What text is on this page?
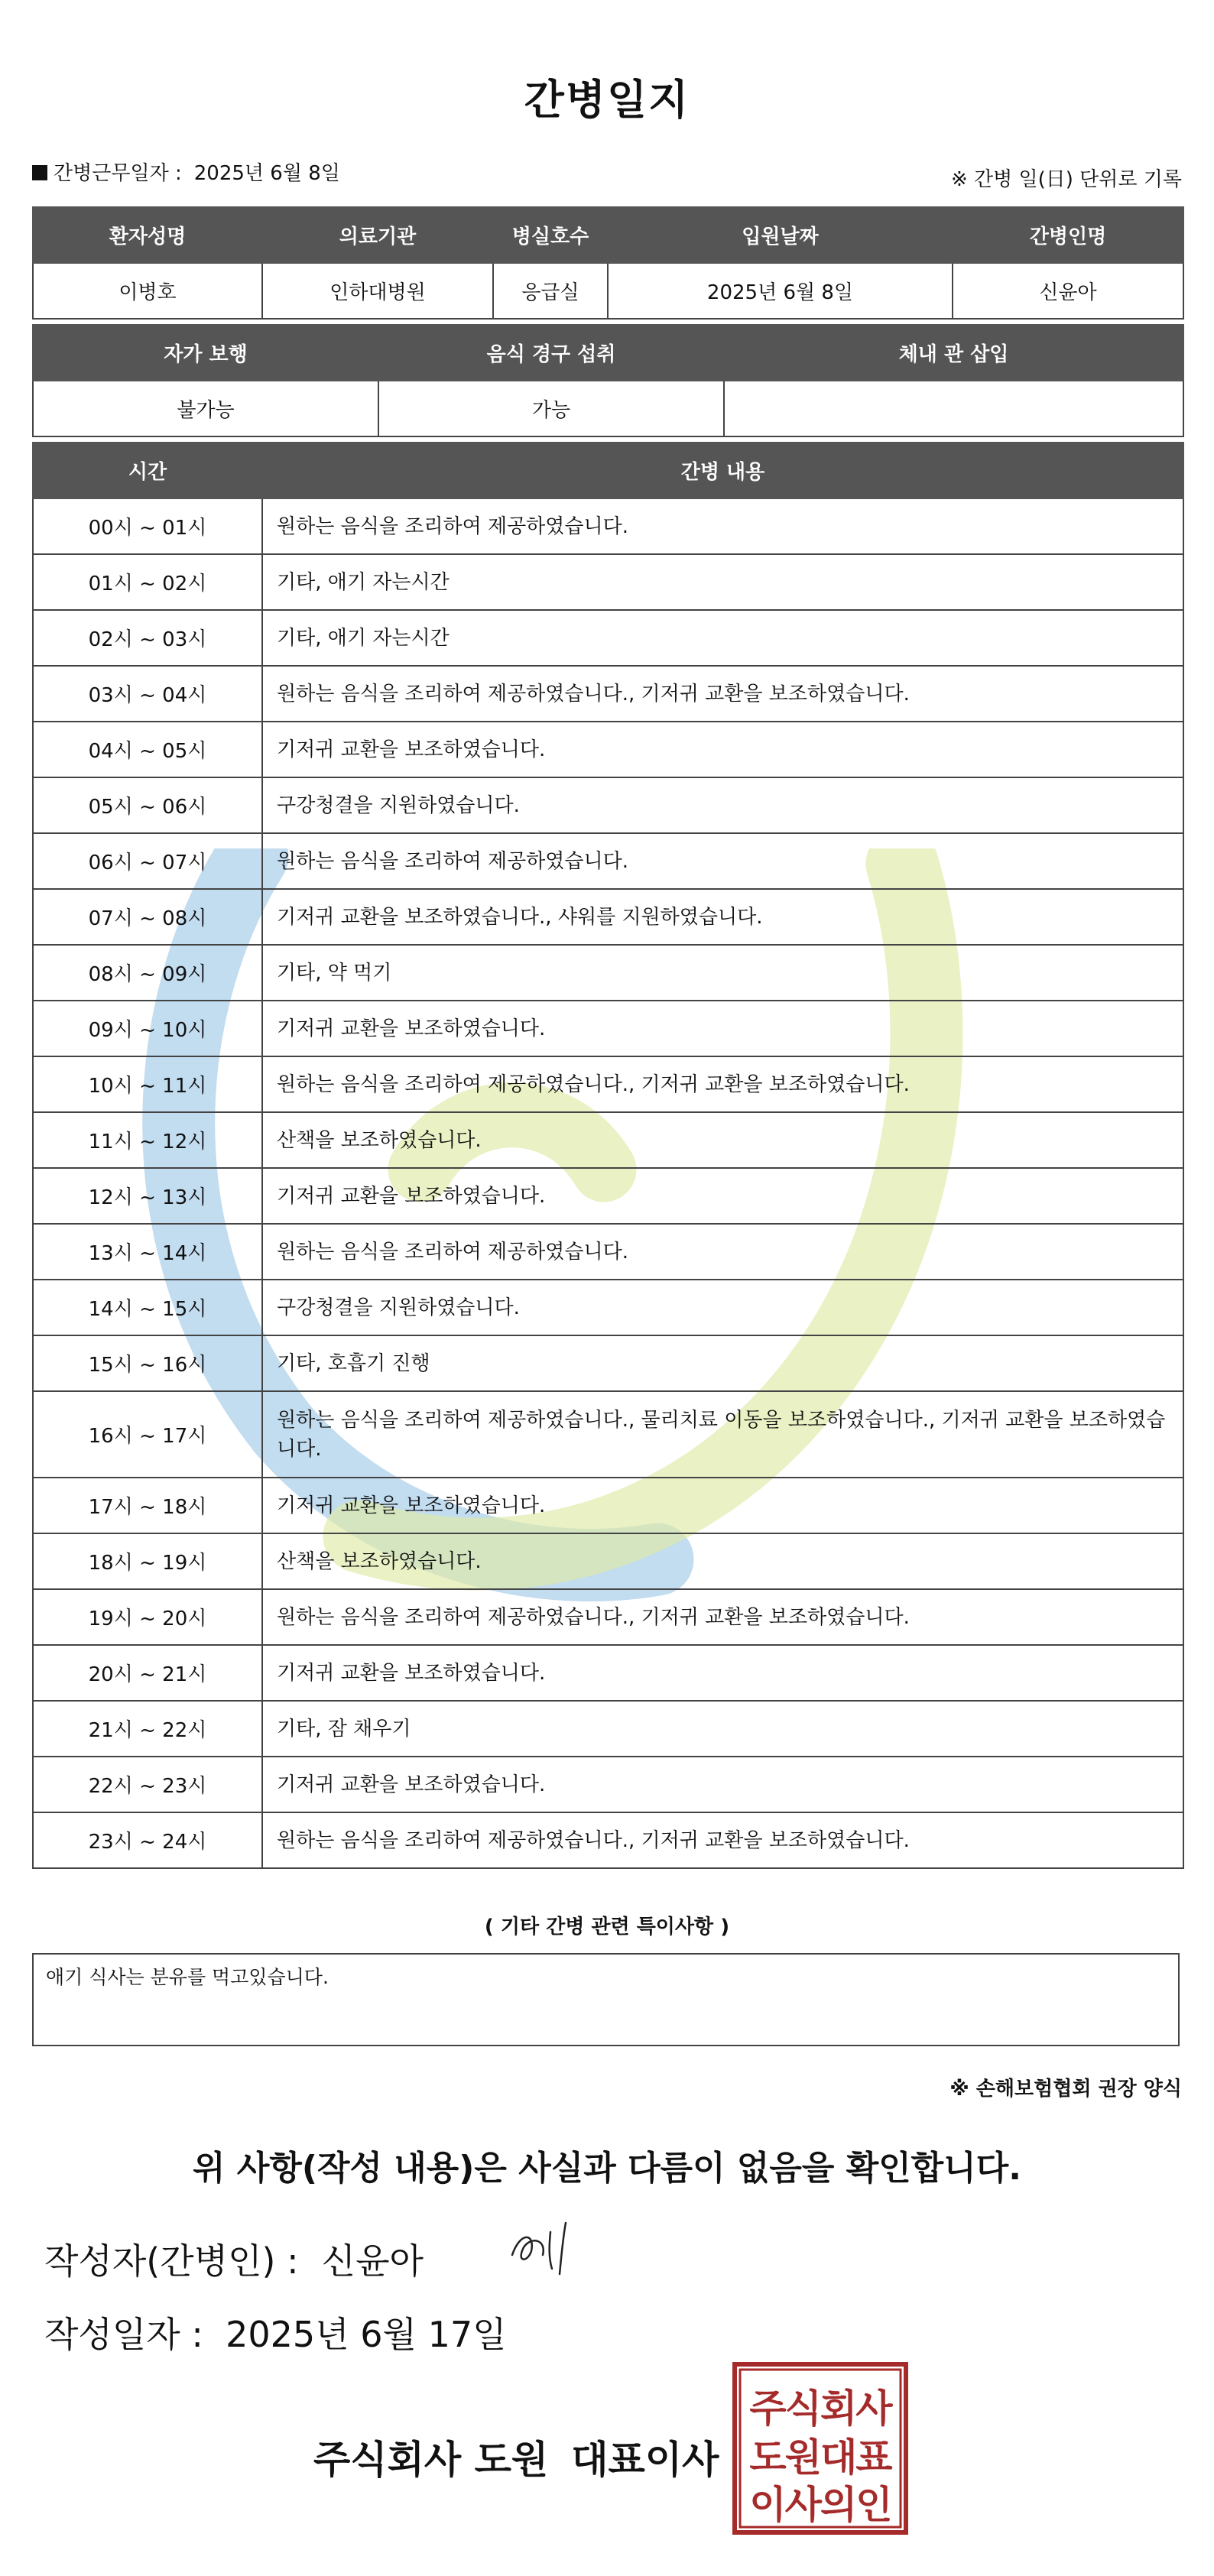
간병일지
간병근무일자 : 2025년 6월 8일	※ 간병 일(日) 단위로 기록
환자성명	의료기관	병실호수	입원날짜	간병인명
이병호	인하대병원	응급실	2025년 6월 8일	신윤아
자가 보행	음식 경구 섭취	체내 관 삽입
불가능	가능	
시간	간병 내용
00시 ~ 01시	원하는 음식을 조리하여 제공하였습니다.
01시 ~ 02시	기타, 애기 자는시간
02시 ~ 03시	기타, 애기 자는시간
03시 ~ 04시	원하는 음식을 조리하여 제공하였습니다., 기저귀 교환을 보조하였습니다.
04시 ~ 05시	기저귀 교환을 보조하였습니다.
05시 ~ 06시	구강청결을 지원하였습니다.
06시 ~ 07시	원하는 음식을 조리하여 제공하였습니다.
07시 ~ 08시	기저귀 교환을 보조하였습니다., 샤워를 지원하였습니다.
08시 ~ 09시	기타, 약 먹기
09시 ~ 10시	기저귀 교환을 보조하였습니다.
10시 ~ 11시	원하는 음식을 조리하여 제공하였습니다., 기저귀 교환을 보조하였습니다.
11시 ~ 12시	산책을 보조하였습니다.
12시 ~ 13시	기저귀 교환을 보조하였습니다.
13시 ~ 14시	원하는 음식을 조리하여 제공하였습니다.
14시 ~ 15시	구강청결을 지원하였습니다.
15시 ~ 16시	기타, 호흡기 진행
16시 ~ 17시	원하는 음식을 조리하여 제공하였습니다., 물리치료 이동을 보조하였습니다., 기저귀 교환을 보조하였습니다.
17시 ~ 18시	기저귀 교환을 보조하였습니다.
18시 ~ 19시	산책을 보조하였습니다.
19시 ~ 20시	원하는 음식을 조리하여 제공하였습니다., 기저귀 교환을 보조하였습니다.
20시 ~ 21시	기저귀 교환을 보조하였습니다.
21시 ~ 22시	기타, 잠 채우기
22시 ~ 23시	기저귀 교환을 보조하였습니다.
23시 ~ 24시	원하는 음식을 조리하여 제공하였습니다., 기저귀 교환을 보조하였습니다.
( 기타 간병 관련 특이사항 )
애기 식사는 분유를 먹고있습니다.
※ 손해보험협회 권장 양식
위 사항(작성 내용)은 사실과 다름이 없음을 확인합니다.
작성자(간병인) : 신윤아
작성일자 : 2025년 6월 17일
주식회사 도원 대표이사
주식회사
도원대표
이사의인
